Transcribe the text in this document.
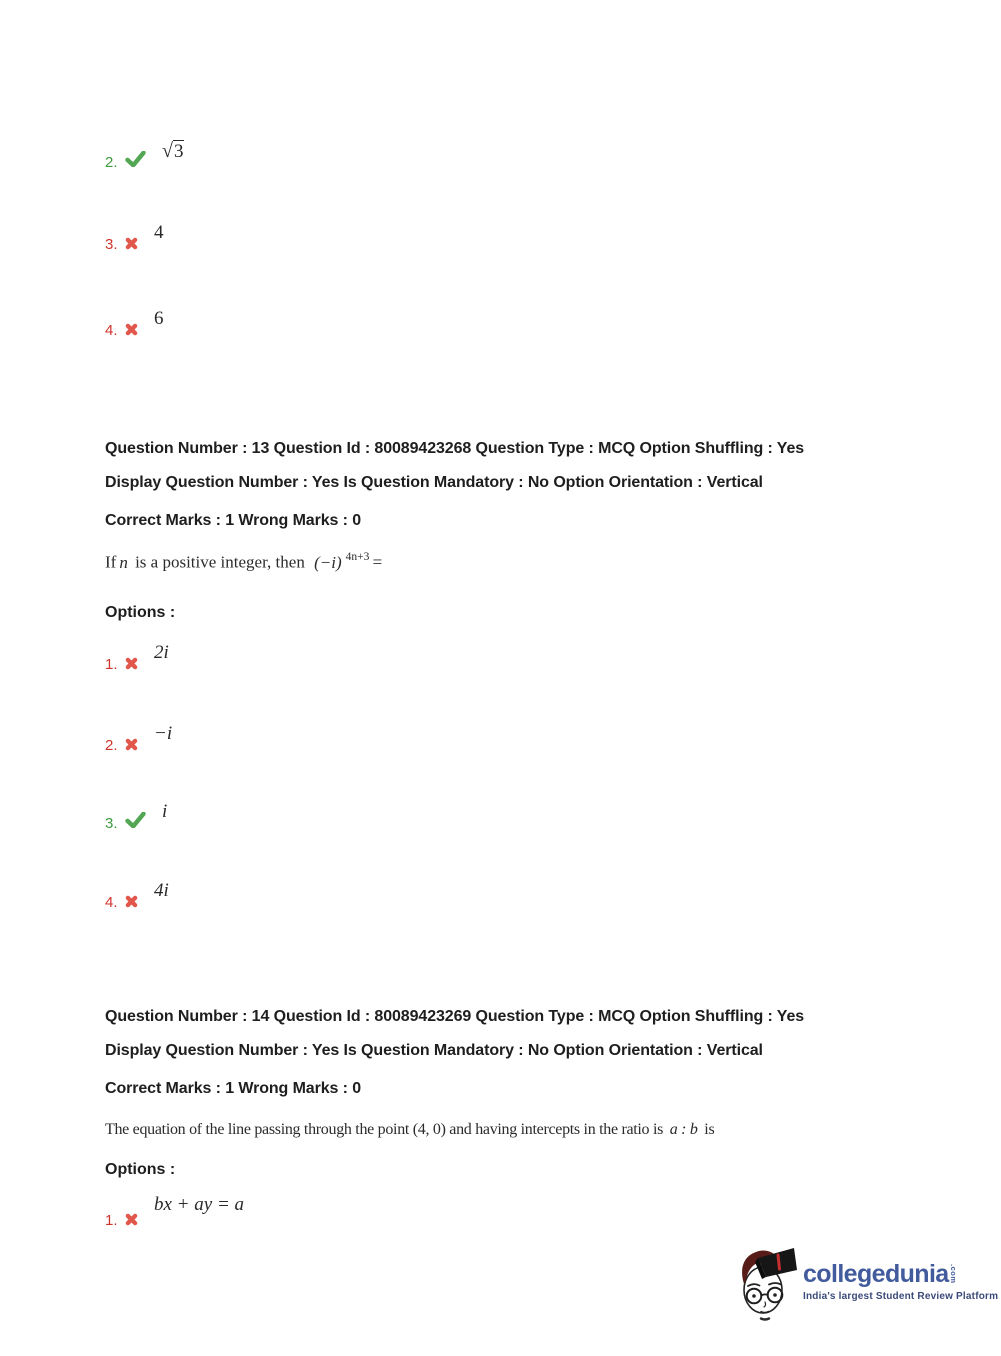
2.
√3
3.
4
4.
6
Question Number : 13 Question Id : 80089423268 Question Type : MCQ Option Shuffling : Yes
Display Question Number : Yes Is Question Mandatory : No Option Orientation : Vertical
Correct Marks : 1 Wrong Marks : 0
If n is a positive integer, then (−i) $^{4n+3}$ =
Options :
1.
2i
2.
−i
3.
i
4.
4i
Question Number : 14 Question Id : 80089423269 Question Type : MCQ Option Shuffling : Yes
Display Question Number : Yes Is Question Mandatory : No Option Orientation : Vertical
Correct Marks : 1 Wrong Marks : 0
The equation of the line passing through the point (4, 0) and having intercepts in the ratio is a : b is
Options :
1.
bx + ay = a
collegedunia .com
India's largest Student Review Platform
